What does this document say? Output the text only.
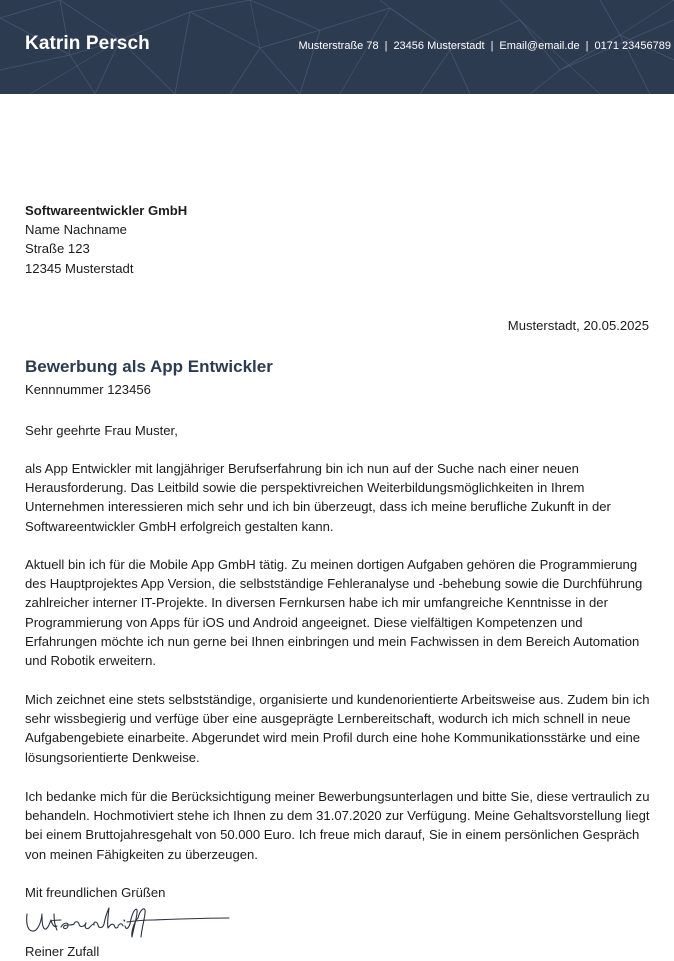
Katrin Persch	Musterstraße 78 | 23456 Musterstadt | Email@email.de | 0171 23456789
Softwareentwickler GmbH
Name Nachname
Straße 123
12345 Musterstadt
Musterstadt, 20.05.2025
Bewerbung als App Entwickler
Kennnummer 123456
Sehr geehrte Frau Muster,

als App Entwickler mit langjähriger Berufserfahrung bin ich nun auf der Suche nach einer neuen Herausforderung. Das Leitbild sowie die perspektivreichen Weiterbildungsmöglichkeiten in Ihrem Unternehmen interessieren mich sehr und ich bin überzeugt, dass ich meine berufliche Zukunft in der Softwareentwickler GmbH erfolgreich gestalten kann.

Aktuell bin ich für die Mobile App GmbH tätig. Zu meinen dortigen Aufgaben gehören die Programmierung des Hauptprojektes App Version, die selbstständige Fehleranalyse und -behebung sowie die Durchführung zahlreicher interner IT-Projekte. In diversen Fernkursen habe ich mir umfangreiche Kenntnisse in der Programmierung von Apps für iOS und Android angeeignet. Diese vielfältigen Kompetenzen und Erfahrungen möchte ich nun gerne bei Ihnen einbringen und mein Fachwissen in dem Bereich Automation und Robotik erweitern.

Mich zeichnet eine stets selbstständige, organisierte und kundenorientierte Arbeitsweise aus. Zudem bin ich sehr wissbegierig und verfüge über eine ausgeprägte Lernbereitschaft, wodurch ich mich schnell in neue Aufgabengebiete einarbeite. Abgerundet wird mein Profil durch eine hohe Kommunikationsstärke und eine lösungsorientierte Denkweise.

Ich bedanke mich für die Berücksichtigung meiner Bewerbungsunterlagen und bitte Sie, diese vertraulich zu behandeln. Hochmotiviert stehe ich Ihnen zu dem 31.07.2020 zur Verfügung. Meine Gehaltsvorstellung liegt bei einem Bruttojahresgehalt von 50.000 Euro. Ich freue mich darauf, Sie in einem persönlichen Gespräch von meinen Fähigkeiten zu überzeugen.

Mit freundlichen Grüßen
Reiner Zufall
